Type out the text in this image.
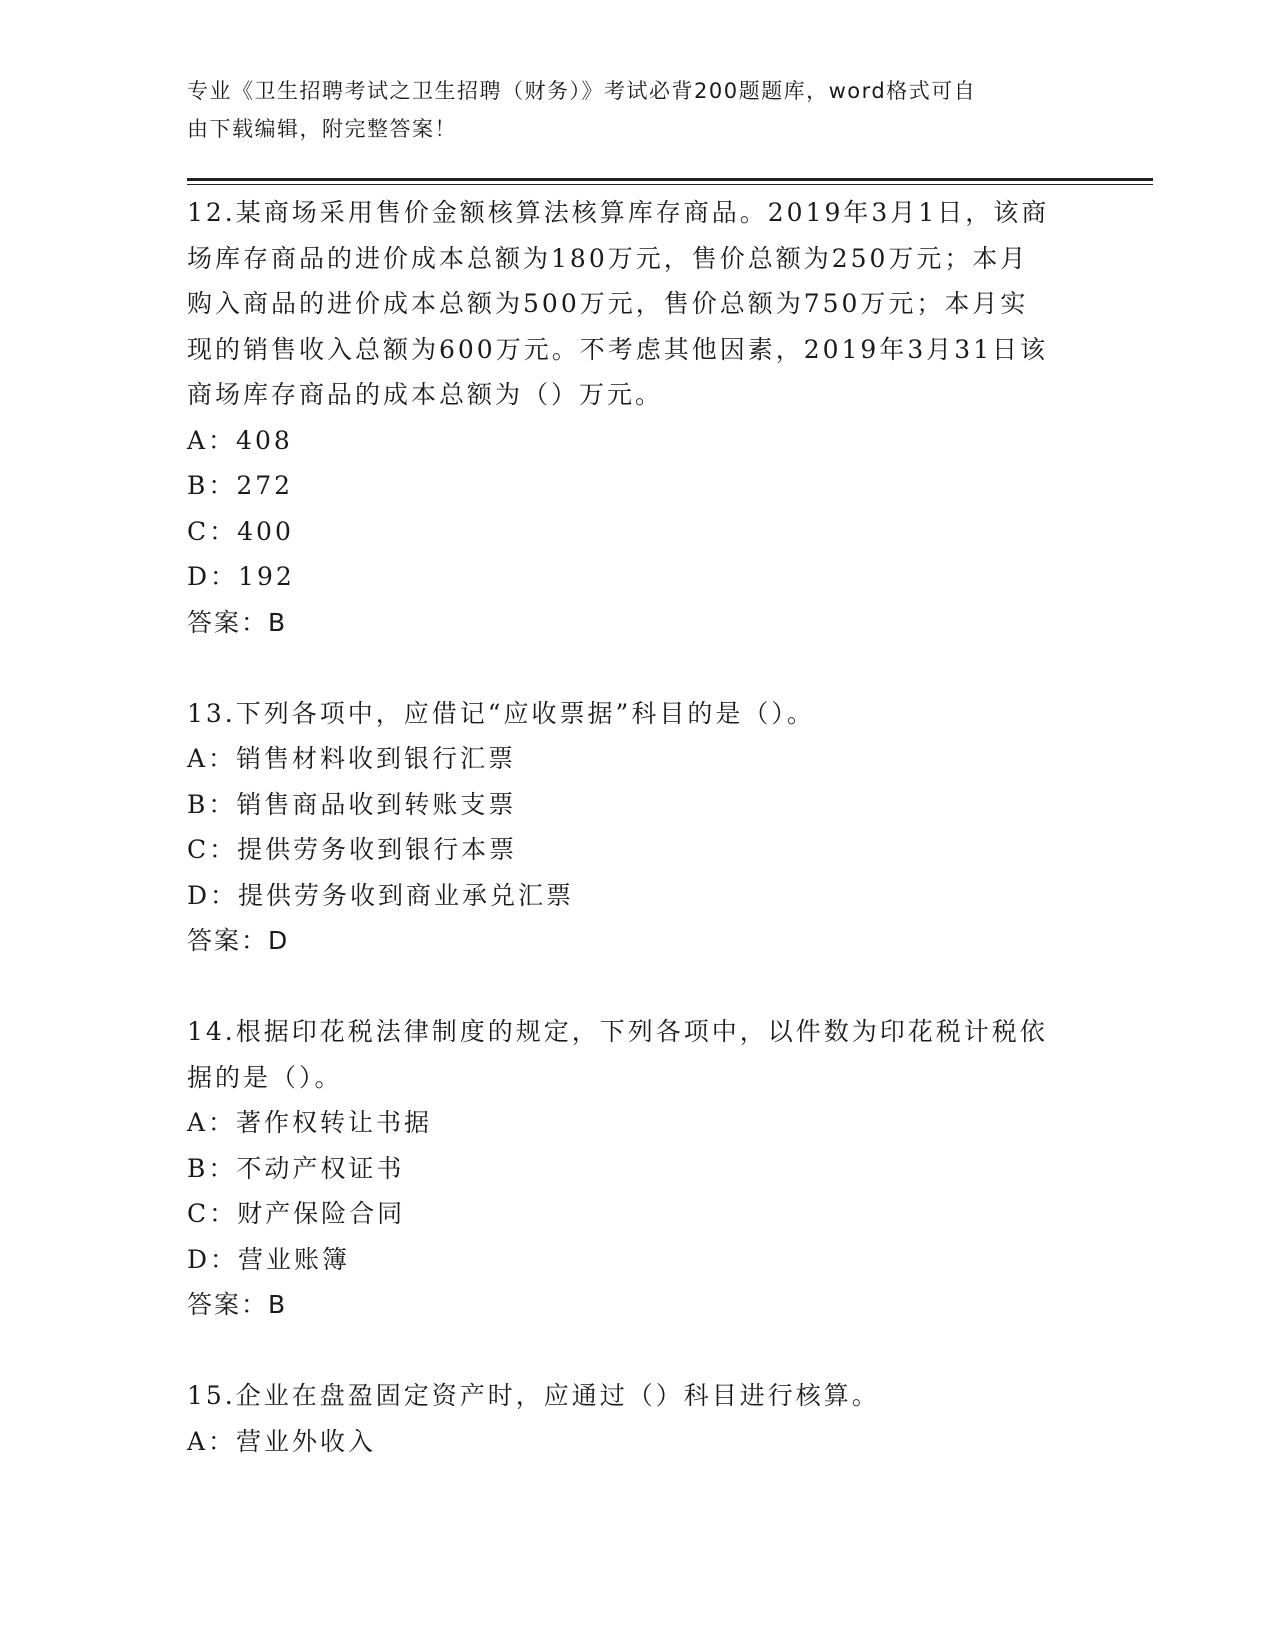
专业《卫生招聘考试之卫生招聘（财务）》考试必背200题题库，word格式可自
由下载编辑，附完整答案！
12.某商场采用售价金额核算法核算库存商品。2019年3月1日，该商
场库存商品的进价成本总额为180万元，售价总额为250万元；本月
购入商品的进价成本总额为500万元，售价总额为750万元；本月实
现的销售收入总额为600万元。不考虑其他因素，2019年3月31日该
商场库存商品的成本总额为（）万元。
A：408
B：272
C：400
D：192
答案：B
13.下列各项中，应借记“应收票据”科目的是（）。
A：销售材料收到银行汇票
B：销售商品收到转账支票
C：提供劳务收到银行本票
D：提供劳务收到商业承兑汇票
答案：D
14.根据印花税法律制度的规定，下列各项中，以件数为印花税计税依
据的是（）。
A：著作权转让书据
B：不动产权证书
C：财产保险合同
D：营业账簿
答案：B
15.企业在盘盈固定资产时，应通过（）科目进行核算。
A：营业外收入
